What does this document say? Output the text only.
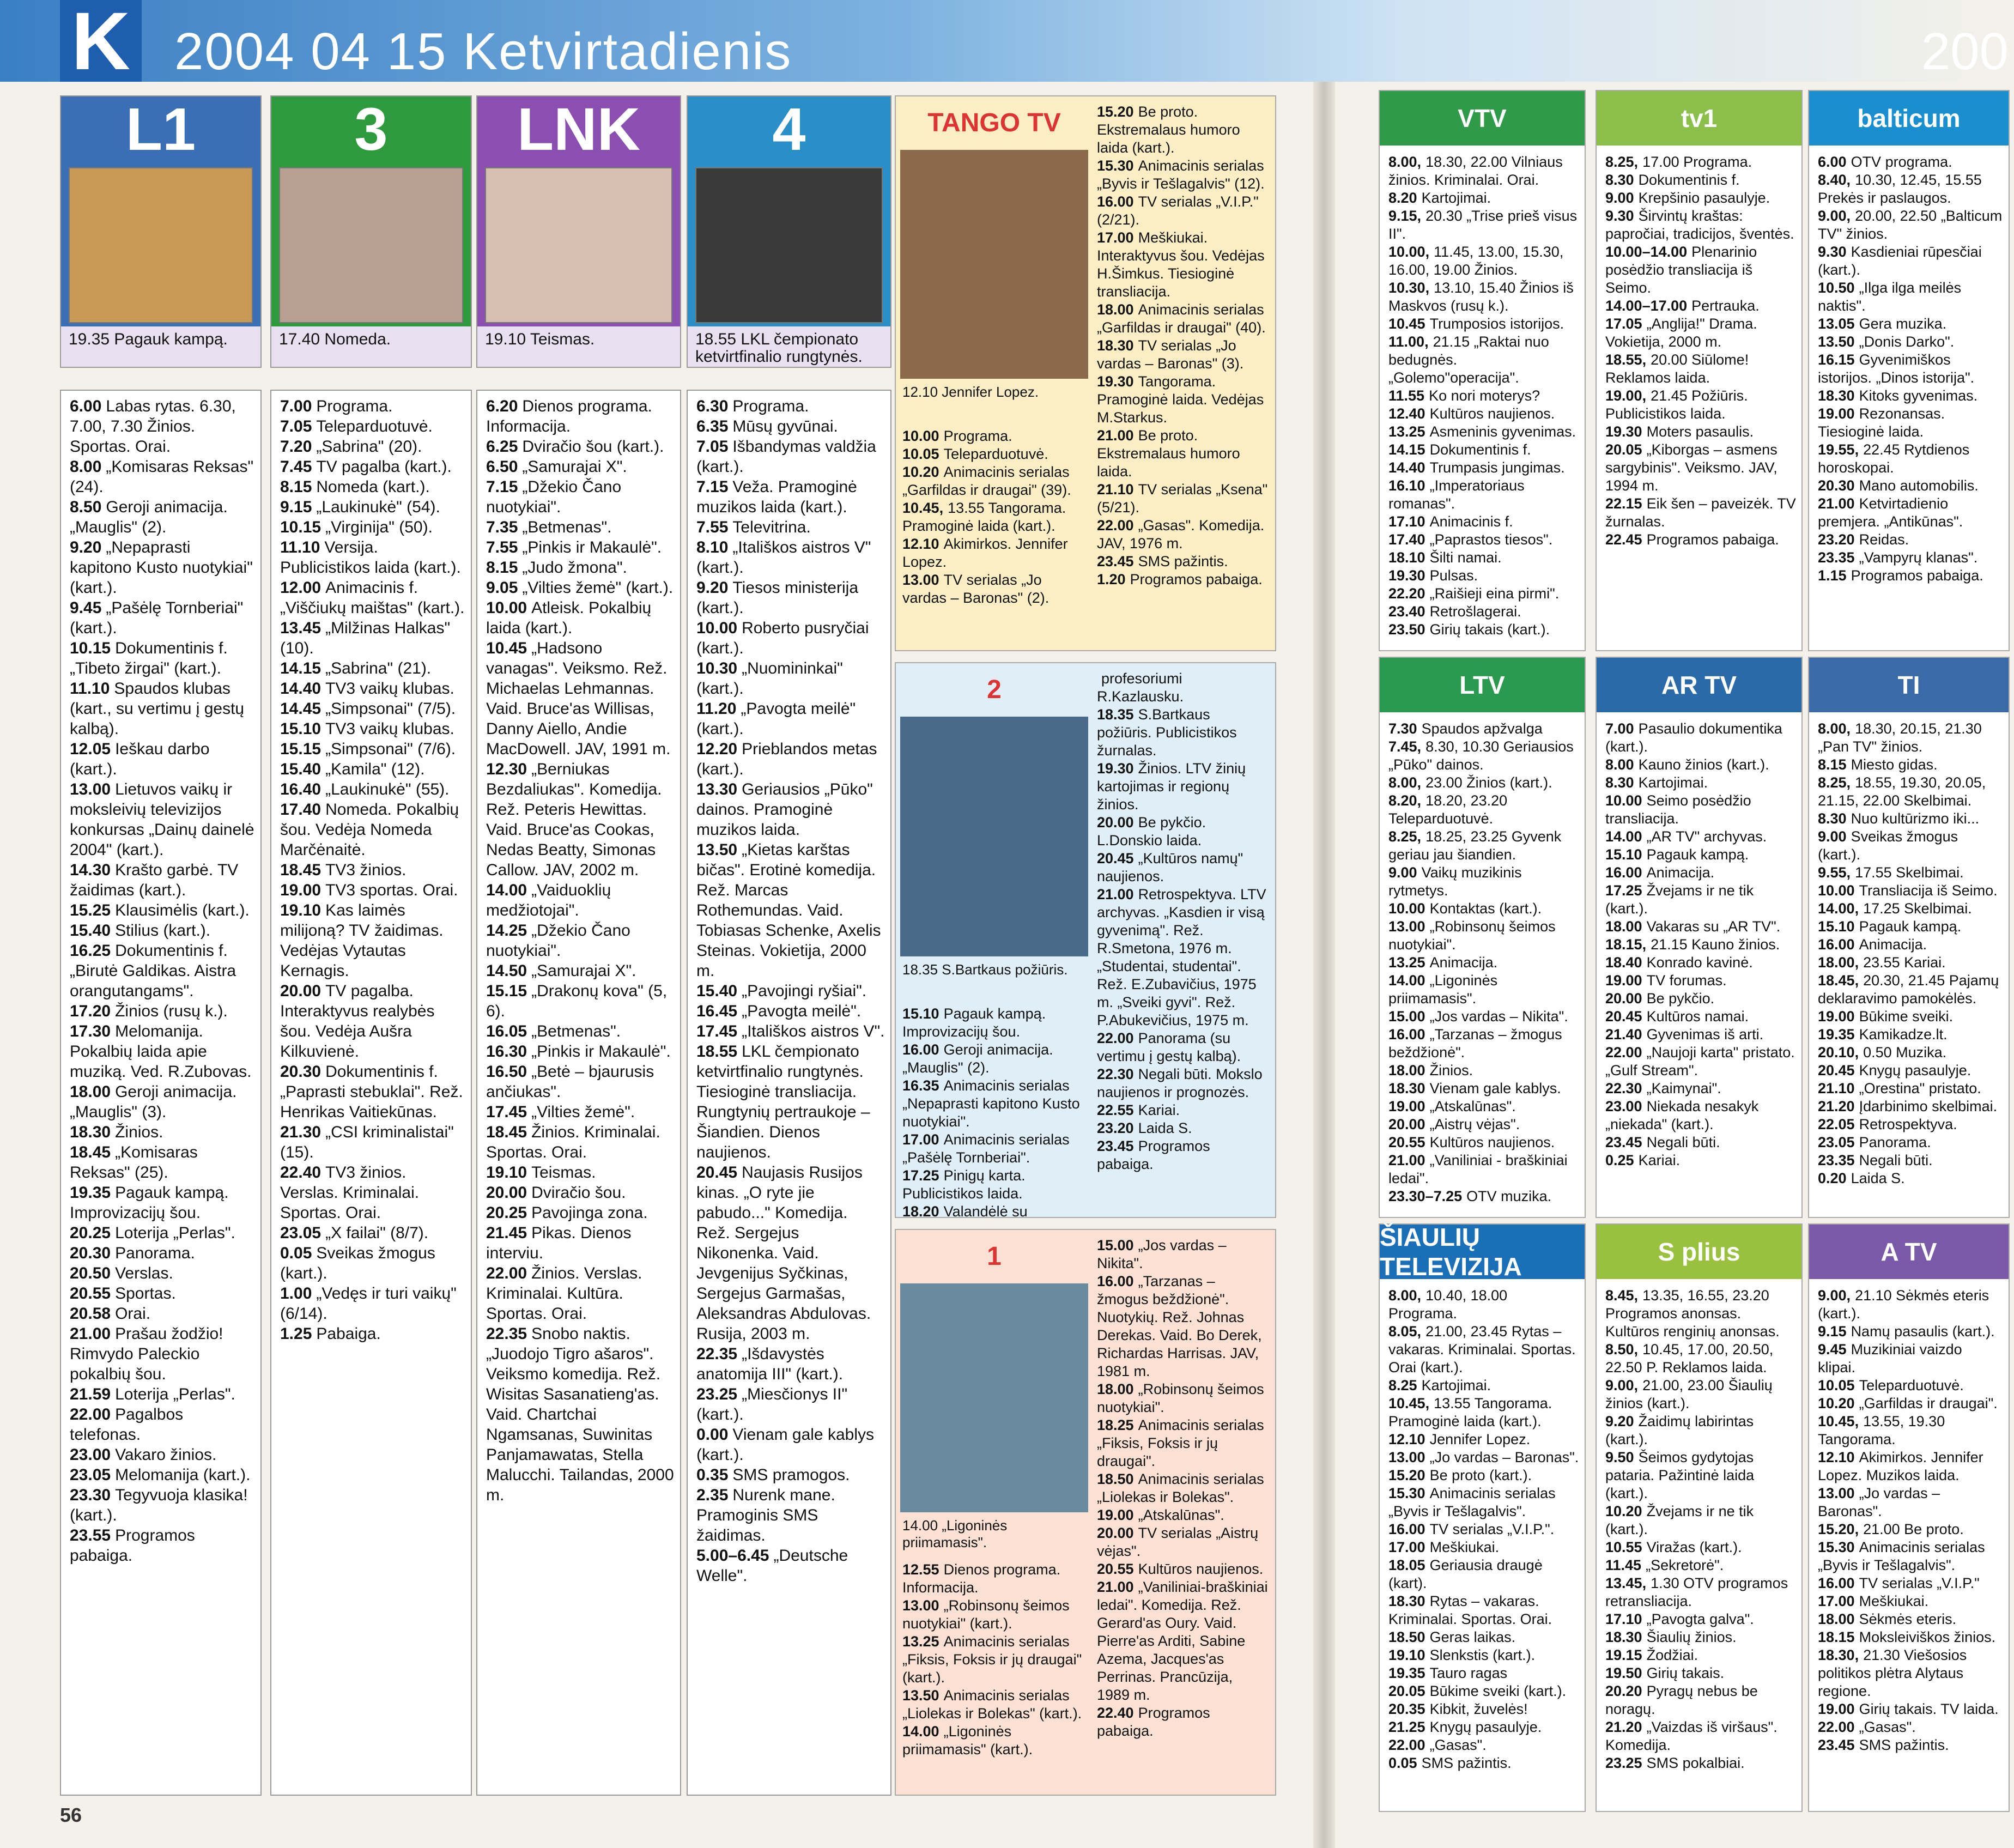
K 2004 04 15 Ketvirtadienis	200
56
L1
19.35 Pagauk kampą.

6.00 Labas rytas. 6.30, 7.00, 7.30 Žinios. Sportas. Orai.

8.00 „Komisaras Reksas" (24).

8.50 Geroji animacija. „Mauglis" (2).

9.20 „Nepaprasti kapitono Kusto nuotykiai" (kart.).

9.45 „Pašėlę Tornberiai" (kart.).

10.15 Dokumentinis f. „Tibeto žirgai" (kart.).

11.10 Spaudos klubas (kart., su vertimu į gestų kalbą).

12.05 Ieškau darbo (kart.).

13.00 Lietuvos vaikų ir moksleivių televizijos konkursas „Dainų dainelė 2004" (kart.).

14.30 Krašto garbė. TV žaidimas (kart.).

15.25 Klausimėlis (kart.).

15.40 Stilius (kart.).

16.25 Dokumentinis f. „Birutė Galdikas. Aistra orangutangams".

17.20 Žinios (rusų k.).

17.30 Melomanija. Pokalbių laida apie muziką. Ved. R.Zubovas.

18.00 Geroji animacija. „Mauglis" (3).

18.30 Žinios.

18.45 „Komisaras Reksas" (25).

19.35 Pagauk kampą. Improvizacijų šou.

20.25 Loterija „Perlas".

20.30 Panorama.

20.50 Verslas.

20.55 Sportas.

20.58 Orai.

21.00 Prašau žodžio! Rimvydo Paleckio pokalbių šou.

21.59 Loterija „Perlas".

22.00 Pagalbos telefonas.

23.00 Vakaro žinios.

23.05 Melomanija (kart.).

23.30 Tegyvuoja klasika! (kart.).

23.55 Programos pabaiga.

3
17.40 Nomeda.

7.00 Programa.

7.05 Teleparduotuvė.

7.20 „Sabrina" (20).

7.45 TV pagalba (kart.).

8.15 Nomeda (kart.).

9.15 „Laukinukė" (54).

10.15 „Virginija" (50).

11.10 Versija. Publicistikos laida (kart.).

12.00 Animacinis f. „Viščiukų maištas" (kart.).

13.45 „Milžinas Halkas" (10).

14.15 „Sabrina" (21).

14.40 TV3 vaikų klubas.

14.45 „Simpsonai" (7/5).

15.10 TV3 vaikų klubas.

15.15 „Simpsonai" (7/6).

15.40 „Kamila" (12).

16.40 „Laukinukė" (55).

17.40 Nomeda. Pokalbių šou. Vedėja Nomeda Marčėnaitė.

18.45 TV3 žinios.

19.00 TV3 sportas. Orai.

19.10 Kas laimės milijoną? TV žaidimas. Vedėjas Vytautas Kernagis.

20.00 TV pagalba. Interaktyvus realybės šou. Vedėja Aušra Kilkuvienė.

20.30 Dokumentinis f. „Paprasti stebuklai". Rež. Henrikas Vaitiekūnas.

21.30 „CSI kriminalistai" (15).

22.40 TV3 žinios. Verslas. Kriminalai. Sportas. Orai.

23.05 „X failai" (8/7).

0.05 Sveikas žmogus (kart.).

1.00 „Vedęs ir turi vaikų" (6/14).

1.25 Pabaiga.

LNK
19.10 Teismas.

6.20 Dienos programa. Informacija.

6.25 Dviračio šou (kart.).

6.50 „Samurajai X".

7.15 „Džekio Čano nuotykiai".

7.35 „Betmenas".

7.55 „Pinkis ir Makaulė".

8.15 „Judo žmona".

9.05 „Vilties žemė" (kart.).

10.00 Atleisk. Pokalbių laida (kart.).

10.45 „Hadsono vanagas". Veiksmo. Rež. Michaelas Lehmannas. Vaid. Bruce'as Willisas, Danny Aiello, Andie MacDowell. JAV, 1991 m.

12.30 „Berniukas Bezdaliukas". Komedija. Rež. Peteris Hewittas. Vaid. Bruce'as Cookas, Nedas Beatty, Simonas Callow. JAV, 2002 m.

14.00 „Vaiduoklių medžiotojai".

14.25 „Džekio Čano nuotykiai".

14.50 „Samurajai X".

15.15 „Drakonų kova" (5, 6).

16.05 „Betmenas".

16.30 „Pinkis ir Makaulė".

16.50 „Betė – bjaurusis ančiukas".

17.45 „Vilties žemė".

18.45 Žinios. Kriminalai. Sportas. Orai.

19.10 Teismas.

20.00 Dviračio šou.

20.25 Pavojinga zona.

21.45 Pikas. Dienos interviu.

22.00 Žinios. Verslas. Kriminalai. Kultūra. Sportas. Orai.

22.35 Snobo naktis. „Juodojo Tigro ašaros". Veiksmo komedija. Rež. Wisitas Sasanatieng'as. Vaid. Chartchai Ngamsanas, Suwinitas Panjamawatas, Stella Malucchi. Tailandas, 2000 m.

4
18.55 LKL čempionato ketvirtfinalio rungtynės.

6.30 Programa.

6.35 Mūsų gyvūnai.

7.05 Išbandymas valdžia (kart.).

7.15 Veža. Pramoginė muzikos laida (kart.).

7.55 Televitrina.

8.10 „Itališkos aistros V" (kart.).

9.20 Tiesos ministerija (kart.).

10.00 Roberto pusryčiai (kart.).

10.30 „Nuomininkai" (kart.).

11.20 „Pavogta meilė" (kart.).

12.20 Prieblandos metas (kart.).

13.30 Geriausios „Pūko" dainos. Pramoginė muzikos laida.

13.50 „Kietas karštas bičas". Erotinė komedija. Rež. Marcas Rothemundas. Vaid. Tobiasas Schenke, Axelis Steinas. Vokietija, 2000 m.

15.40 „Pavojingi ryšiai".

16.45 „Pavogta meilė".

17.45 „Itališkos aistros V".

18.55 LKL čempionato ketvirtfinalio rungtynės. Tiesioginė transliacija. Rungtynių pertraukoje – Šiandien. Dienos naujienos.

20.45 Naujasis Rusijos kinas. „O ryte jie pabudo..." Komedija. Rež. Sergejus Nikonenka. Vaid. Jevgenijus Syčkinas, Sergejus Garmašas, Aleksandras Abdulovas. Rusija, 2003 m.

22.35 „Išdavystės anatomija III" (kart.).

23.25 „Miesčionys II" (kart.).

0.00 Vienam gale kablys (kart.).

0.35 SMS pramogos.

2.35 Nurenk mane. Pramoginis SMS žaidimas.

5.00–6.45 „Deutsche Welle".

TANGO TV
12.10 Jennifer Lopez.

10.00 Programa.

10.05 Teleparduotuvė.

10.20 Animacinis serialas „Garfildas ir draugai" (39).

10.45, 13.55 Tangorama. Pramoginė laida (kart.).

12.10 Akimirkos. Jennifer Lopez.

13.00 TV serialas „Jo vardas – Baronas" (2).

15.20 Be proto. Ekstremalaus humoro laida (kart.).

15.30 Animacinis serialas „Byvis ir Tešlagalvis" (12).

16.00 TV serialas „V.I.P." (2/21).

17.00 Meškiukai. Interaktyvus šou. Vedėjas H.Šimkus. Tiesioginė transliacija.

18.00 Animacinis serialas „Garfildas ir draugai" (40).

18.30 TV serialas „Jo vardas – Baronas" (3).

19.30 Tangorama. Pramoginė laida. Vedėjas M.Starkus.

21.00 Be proto. Ekstremalaus humoro laida.

21.10 TV serialas „Ksena" (5/21).

22.00 „Gasas". Komedija. JAV, 1976 m.

23.45 SMS pažintis.

1.20 Programos pabaiga.

2
18.35 S.Bartkaus požiūris.

15.10 Pagauk kampą. Improvizacijų šou.

16.00 Geroji animacija. „Mauglis" (2).

16.35 Animacinis serialas „Nepaprasti kapitono Kusto nuotykiai".

17.00 Animacinis serialas „Pašėlę Tornberiai".

17.25 Pinigų karta. Publicistikos laida.

18.20 Valandėlė su

profesoriumi R.Kazlausku.

18.35 S.Bartkaus požiūris. Publicistikos žurnalas.

19.30 Žinios. LTV žinių kartojimas ir regionų žinios.

20.00 Be pykčio. L.Donskio laida.

20.45 „Kultūros namų" naujienos.

21.00 Retrospektyva. LTV archyvas. „Kasdien ir visą gyvenimą". Rež. R.Smetona, 1976 m. „Studentai, studentai". Rež. E.Zubavičius, 1975 m. „Sveiki gyvi". Rež. P.Abukevičius, 1975 m.

22.00 Panorama (su vertimu į gestų kalbą).

22.30 Negali būti. Mokslo naujienos ir prognozės.

22.55 Kariai.

23.20 Laida S.

23.45 Programos pabaiga.

1
14.00 „Ligoninės priimamasis".

12.55 Dienos programa. Informacija.

13.00 „Robinsonų šeimos nuotykiai" (kart.).

13.25 Animacinis serialas „Fiksis, Foksis ir jų draugai" (kart.).

13.50 Animacinis serialas „Liolekas ir Bolekas" (kart.).

14.00 „Ligoninės priimamasis" (kart.).

15.00 „Jos vardas – Nikita".

16.00 „Tarzanas – žmogus beždžionė". Nuotykių. Rež. Johnas Derekas. Vaid. Bo Derek, Richardas Harrisas. JAV, 1981 m.

18.00 „Robinsonų šeimos nuotykiai".

18.25 Animacinis serialas „Fiksis, Foksis ir jų draugai".

18.50 Animacinis serialas „Liolekas ir Bolekas".

19.00 „Atskalūnas".

20.00 TV serialas „Aistrų vėjas".

20.55 Kultūros naujienos.

21.00 „Vaniliniai-braškiniai ledai". Komedija. Rež. Gerard'as Oury. Vaid. Pierre'as Arditi, Sabine Azema, Jacques'as Perrinas. Prancūzija, 1989 m.

22.40 Programos pabaiga.

VTV

8.00, 18.30, 22.00 Vilniaus žinios. Kriminalai. Orai.

8.20 Kartojimai.

9.15, 20.30 „Trise prieš visus II".

10.00, 11.45, 13.00, 15.30, 16.00, 19.00 Žinios.

10.30, 13.10, 15.40 Žinios iš Maskvos (rusų k.).

10.45 Trumposios istorijos.

11.00, 21.15 „Raktai nuo bedugnės. „Golemo"operacija".

11.55 Ko nori moterys?

12.40 Kultūros naujienos.

13.25 Asmeninis gyvenimas.

14.15 Dokumentinis f.

14.40 Trumpasis jungimas.

16.10 „Imperatoriaus romanas".

17.10 Animacinis f.

17.40 „Paprastos tiesos".

18.10 Šilti namai.

19.30 Pulsas.

22.20 „Raišieji eina pirmi".

23.40 Retrošlagerai.

23.50 Girių takais (kart.).

tv1

8.25, 17.00 Programa.

8.30 Dokumentinis f.

9.00 Krepšinio pasaulyje.

9.30 Širvintų kraštas: papročiai, tradicijos, šventės.

10.00–14.00 Plenarinio posėdžio transliacija iš Seimo.

14.00–17.00 Pertrauka.

17.05 „Anglija!" Drama. Vokietija, 2000 m.

18.55, 20.00 Siūlome! Reklamos laida.

19.00, 21.45 Požiūris. Publicistikos laida.

19.30 Moters pasaulis.

20.05 „Kiborgas – asmens sargybinis". Veiksmo. JAV, 1994 m.

22.15 Eik šen – paveizėk. TV žurnalas.

22.45 Programos pabaiga.

balticum

6.00 OTV programa.

8.40, 10.30, 12.45, 15.55 Prekės ir paslaugos.

9.00, 20.00, 22.50 „Balticum TV" žinios.

9.30 Kasdieniai rūpesčiai (kart.).

10.50 „Ilga ilga meilės naktis".

13.05 Gera muzika.

13.50 „Donis Darko".

16.15 Gyvenimiškos istorijos. „Dinos istorija".

18.30 Kitoks gyvenimas.

19.00 Rezonansas. Tiesioginė laida.

19.55, 22.45 Rytdienos horoskopai.

20.30 Mano automobilis.

21.00 Ketvirtadienio premjera. „Antikūnas".

23.20 Reidas.

23.35 „Vampyrų klanas".

1.15 Programos pabaiga.

LTV

7.30 Spaudos apžvalga

7.45, 8.30, 10.30 Geriausios „Pūko" dainos.

8.00, 23.00 Žinios (kart.).

8.20, 18.20, 23.20 Teleparduotuvė.

8.25, 18.25, 23.25 Gyvenk geriau jau šiandien.

9.00 Vaikų muzikinis rytmetys.

10.00 Kontaktas (kart.).

13.00 „Robinsonų šeimos nuotykiai".

13.25 Animacija.

14.00 „Ligoninės priimamasis".

15.00 „Jos vardas – Nikita".

16.00 „Tarzanas – žmogus beždžionė".

18.00 Žinios.

18.30 Vienam gale kablys.

19.00 „Atskalūnas".

20.00 „Aistrų vėjas".

20.55 Kultūros naujienos.

21.00 „Vaniliniai - braškiniai ledai".

23.30–7.25 OTV muzika.

AR TV

7.00 Pasaulio dokumentika (kart.).

8.00 Kauno žinios (kart.).

8.30 Kartojimai.

10.00 Seimo posėdžio transliacija.

14.00 „AR TV" archyvas.

15.10 Pagauk kampą.

16.00 Animacija.

17.25 Žvejams ir ne tik (kart.).

18.00 Vakaras su „AR TV".

18.15, 21.15 Kauno žinios.

18.40 Konrado kavinė.

19.00 TV forumas.

20.00 Be pykčio.

20.45 Kultūros namai.

21.40 Gyvenimas iš arti.

22.00 „Naujoji karta" pristato. „Gulf Stream".

22.30 „Kaimynai".

23.00 Niekada nesakyk „niekada" (kart.).

23.45 Negali būti.

0.25 Kariai.

TI

8.00, 18.30, 20.15, 21.30 „Pan TV" žinios.

8.15 Miesto gidas.

8.25, 18.55, 19.30, 20.05, 21.15, 22.00 Skelbimai.

8.30 Nuo kultūrizmo iki...

9.00 Sveikas žmogus (kart.).

9.55, 17.55 Skelbimai.

10.00 Transliacija iš Seimo.

14.00, 17.25 Skelbimai.

15.10 Pagauk kampą.

16.00 Animacija.

18.00, 23.55 Kariai.

18.45, 20.30, 21.45 Pajamų deklaravimo pamokėlės.

19.00 Būkime sveiki.

19.35 Kamikadze.lt.

20.10, 0.50 Muzika.

20.45 Knygų pasaulyje.

21.10 „Orestina" pristato.

21.20 Įdarbinimo skelbimai.

22.05 Retrospektyva.

23.05 Panorama.

23.35 Negali būti.

0.20 Laida S.

ŠIAULIŲ TELEVIZIJA

8.00, 10.40, 18.00 Programa.

8.05, 21.00, 23.45 Rytas – vakaras. Kriminalai. Sportas. Orai (kart.).

8.25 Kartojimai.

10.45, 13.55 Tangorama. Pramoginė laida (kart.).

12.10 Jennifer Lopez.

13.00 „Jo vardas – Baronas".

15.20 Be proto (kart.).

15.30 Animacinis serialas „Byvis ir Tešlagalvis".

16.00 TV serialas „V.I.P.".

17.00 Meškiukai.

18.05 Geriausia draugė (kart).

18.30 Rytas – vakaras. Kriminalai. Sportas. Orai.

18.50 Geras laikas.

19.10 Slenkstis (kart.).

19.35 Tauro ragas

20.05 Būkime sveiki (kart.).

20.35 Kibkit, žuvelės!

21.25 Knygų pasaulyje.

22.00 „Gasas".

0.05 SMS pažintis.

S plius

8.45, 13.35, 16.55, 23.20 Programos anonsas. Kultūros renginių anonsas.

8.50, 10.45, 17.00, 20.50, 22.50 P. Reklamos laida.

9.00, 21.00, 23.00 Šiaulių žinios (kart.).

9.20 Žaidimų labirintas (kart.).

9.50 Šeimos gydytojas pataria. Pažintinė laida (kart.).

10.20 Žvejams ir ne tik (kart.).

10.55 Viražas (kart.).

11.45 „Sekretorė".

13.45, 1.30 OTV programos retransliacija.

17.10 „Pavogta galva".

18.30 Šiaulių žinios.

19.15 Žodžiai.

19.50 Girių takais.

20.20 Pyragų nebus be noragų.

21.20 „Vaizdas iš viršaus". Komedija.

23.25 SMS pokalbiai.

A TV

9.00, 21.10 Sėkmės eteris (kart.).

9.15 Namų pasaulis (kart.).

9.45 Muzikiniai vaizdo klipai.

10.05 Teleparduotuvė.

10.20 „Garfildas ir draugai".

10.45, 13.55, 19.30 Tangorama.

12.10 Akimirkos. Jennifer Lopez. Muzikos laida.

13.00 „Jo vardas – Baronas".

15.20, 21.00 Be proto.

15.30 Animacinis serialas „Byvis ir Tešlagalvis".

16.00 TV serialas „V.I.P."

17.00 Meškiukai.

18.00 Sėkmės eteris.

18.15 Moksleiviškos žinios.

18.30, 21.30 Viešosios politikos plėtra Alytaus regione.

19.00 Girių takais. TV laida.

22.00 „Gasas".

23.45 SMS pažintis.
